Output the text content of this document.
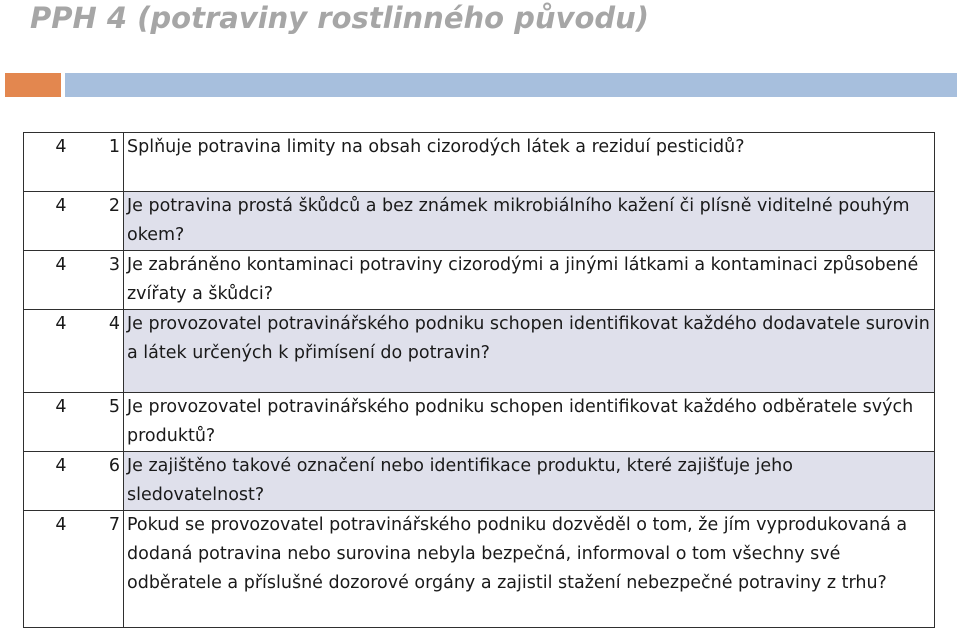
PPH 4 (potraviny rostlinného původu)
4	1	Splňuje potravina limity na obsah cizorodých látek a reziduí pesticidů?
4	2	Je potravina prostá škůdců a bez známek mikrobiálního kažení či plísně viditelné pouhým okem?
4	3	Je zabráněno kontaminaci potraviny cizorodými a jinými látkami a kontaminaci způsobené zvířaty a škůdci?
4	4	Je provozovatel potravinářského podniku schopen identifikovat každého dodavatele surovin a látek určených k přimísení do potravin?
4	5	Je provozovatel potravinářského podniku schopen identifikovat každého odběratele svých produktů?
4	6	Je zajištěno takové označení nebo identifikace produktu, které zajišťuje jeho sledovatelnost?
4	7	Pokud se provozovatel potravinářského podniku dozvěděl o tom, že jím vyprodukovaná a dodaná potravina nebo surovina nebyla bezpečná, informoval o tom všechny své odběratele a příslušné dozorové orgány a zajistil stažení nebezpečné potraviny z trhu?
